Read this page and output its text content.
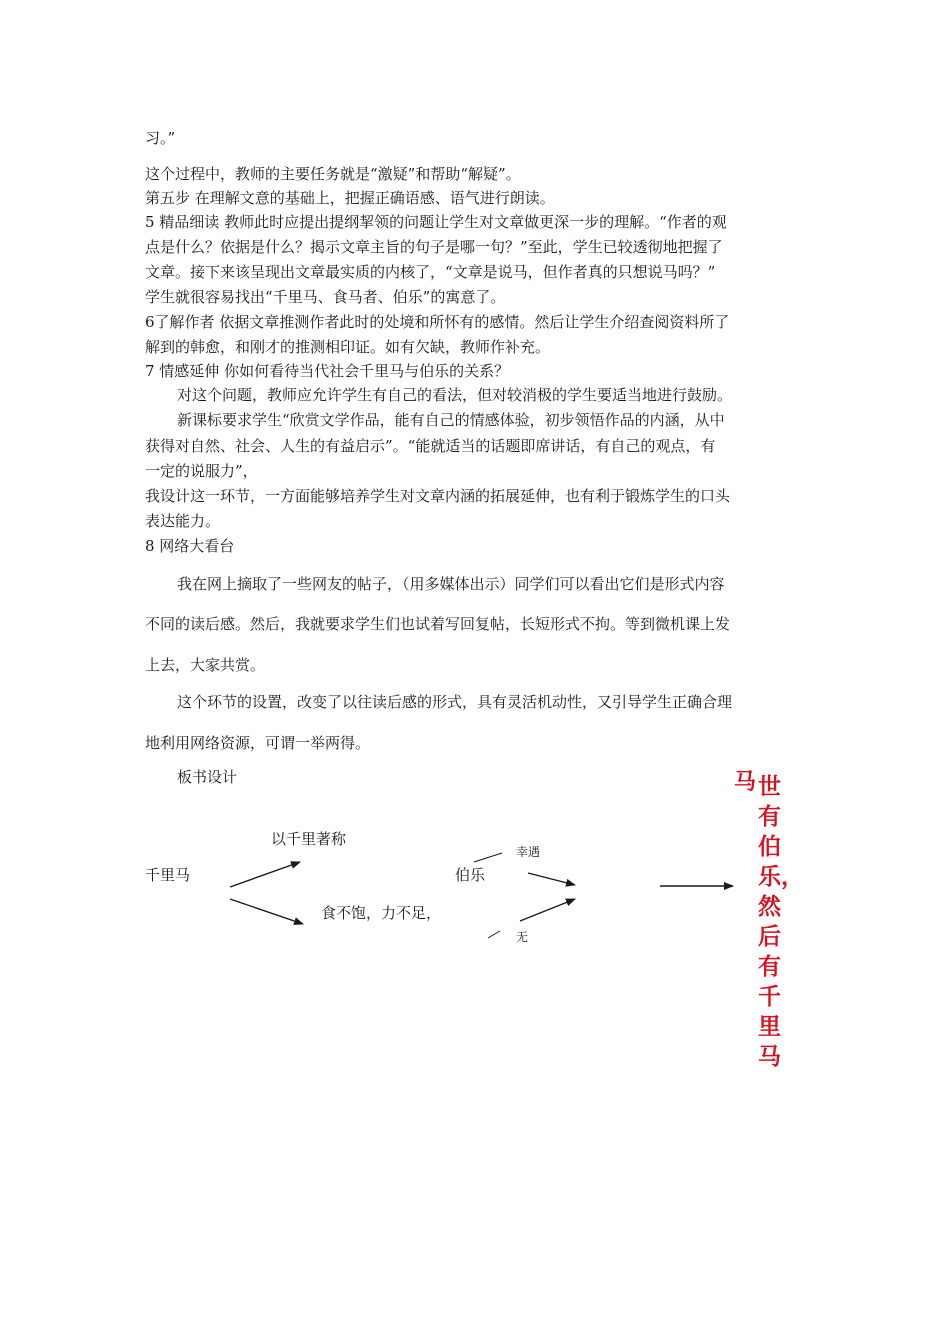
习。”
这个过程中，教师的主要任务就是“激疑”和帮助“解疑”。
第五步 在理解文意的基础上，把握正确语感、语气进行朗读。
5 精品细读 教师此时应提出提纲挈领的问题让学生对文章做更深一步的理解。“作者的观
点是什么？依据是什么？揭示文章主旨的句子是哪一句？”至此，学生已较透彻地把握了
文章。接下来该呈现出文章最实质的内核了，“文章是说马，但作者真的只想说马吗？”
学生就很容易找出“千里马、食马者、伯乐”的寓意了。
6了解作者 依据文章推测作者此时的处境和所怀有的感情。然后让学生介绍查阅资料所了
解到的韩愈，和刚才的推测相印证。如有欠缺，教师作补充。
7 情感延伸 你如何看待当代社会千里马与伯乐的关系？
对这个问题，教师应允许学生有自己的看法，但对较消极的学生要适当地进行鼓励。
新课标要求学生“欣赏文学作品，能有自己的情感体验，初步领悟作品的内涵，从中
获得对自然、社会、人生的有益启示”。“能就适当的话题即席讲话，有自己的观点，有
一定的说服力”，
我设计这一环节，一方面能够培养学生对文章内涵的拓展延伸，也有利于锻炼学生的口头
表达能力。
8 网络大看台
我在网上摘取了一些网友的帖子，（用多媒体出示）同学们可以看出它们是形式内容
不同的读后感。然后，我就要求学生们也试着写回复帖，长短形式不拘。等到微机课上发
上去，大家共赏。
这个环节的设置，改变了以往读后感的形式，具有灵活机动性，又引导学生正确合理
地利用网络资源，可谓一举两得。
板书设计
千里马
以千里著称
食不饱，力不足，
伯乐
幸遇
无
马 世有伯乐，然后有千里马
